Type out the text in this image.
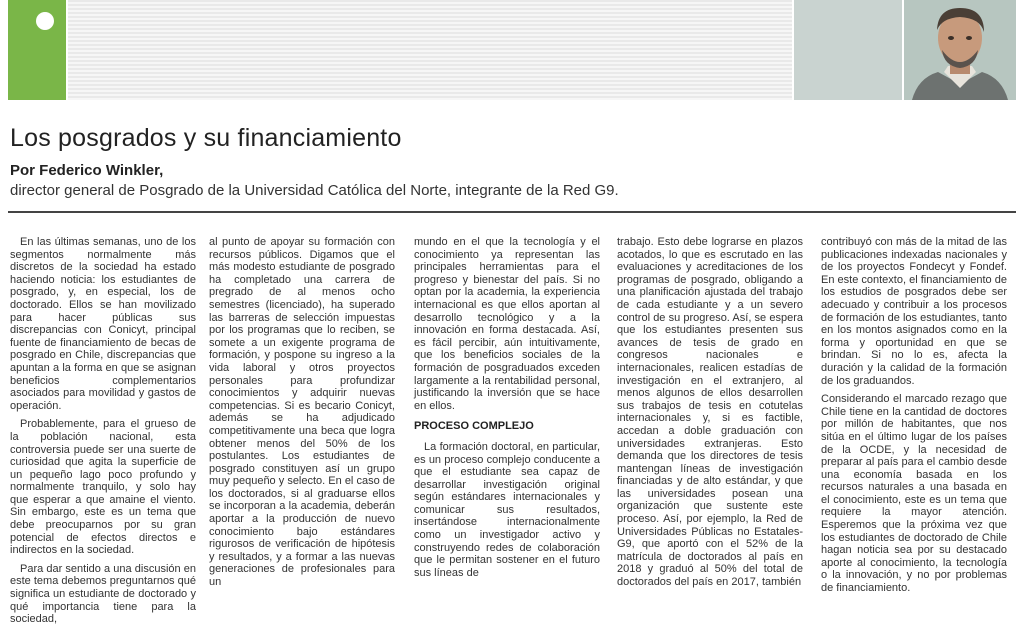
Los posgrados y su financiamiento
Por Federico Winkler,
director general de Posgrado de la Universidad Católica del Norte, integrante de la Red G9.

En las últimas semanas, uno de los segmentos normalmente más discretos de la sociedad ha estado haciendo noticia: los estudiantes de posgrado, y, en especial, los de doctorado. Ellos se han movilizado para hacer públicas sus discrepancias con Conicyt, principal fuente de financiamiento de becas de posgrado en Chile, discrepancias que apuntan a la forma en que se asignan beneficios complementarios asociados para movilidad y gastos de operación.

Probablemente, para el grueso de la población nacional, esta controversia puede ser una suerte de curiosidad que agita la superficie de un pequeño lago poco profundo y normalmente tranquilo, y solo hay que esperar a que amaine el viento. Sin embargo, este es un tema que debe preocuparnos por su gran potencial de efectos directos e indirectos en la sociedad.

Para dar sentido a una discusión en este tema debemos preguntarnos qué significa un estudiante de doctorado y qué importancia tiene para la sociedad,

al punto de apoyar su formación con recursos públicos. Digamos que el más modesto estudiante de posgrado ha completado una carrera de pregrado de al menos ocho semestres (licenciado), ha superado las barreras de selección impuestas por los programas que lo reciben, se somete a un exigente programa de formación, y pospone su ingreso a la vida laboral y otros proyectos personales para profundizar conocimientos y adquirir nuevas competencias. Si es becario Conicyt, además se ha adjudicado competitivamente una beca que logra obtener menos del 50% de los postulantes. Los estudiantes de posgrado constituyen así un grupo muy pequeño y selecto. En el caso de los doctorados, si al graduarse ellos se incorporan a la academia, deberán aportar a la producción de nuevo conocimiento bajo estándares rigurosos de verificación de hipótesis y resultados, y a formar a las nuevas generaciones de profesionales para un

mundo en el que la tecnología y el conocimiento ya representan las principales herramientas para el progreso y bienestar del país. Si no optan por la academia, la experiencia internacional es que ellos aportan al desarrollo tecnológico y a la innovación en forma destacada. Así, es fácil percibir, aún intuitivamente, que los beneficios sociales de la formación de posgraduados exceden largamente a la rentabilidad personal, justificando la inversión que se hace en ellos.

PROCESO COMPLEJO

La formación doctoral, en particular, es un proceso complejo conducente a que el estudiante sea capaz de desarrollar investigación original según estándares internacionales y comunicar sus resultados, insertándose internacionalmente como un investigador activo y construyendo redes de colaboración que le permitan sostener en el futuro sus líneas de

trabajo. Esto debe lograrse en plazos acotados, lo que es escrutado en las evaluaciones y acreditaciones de los programas de posgrado, obligando a una planificación ajustada del trabajo de cada estudiante y a un severo control de su progreso. Así, se espera que los estudiantes presenten sus avances de tesis de grado en congresos nacionales e internacionales, realicen estadías de investigación en el extranjero, al menos algunos de ellos desarrollen sus trabajos de tesis en cotutelas internacionales y, si es factible, accedan a doble graduación con universidades extranjeras. Esto demanda que los directores de tesis mantengan líneas de investigación financiadas y de alto estándar, y que las universidades posean una organización que sustente este proceso. Así, por ejemplo, la Red de Universidades Públicas no Estatales-G9, que aportó con el 52% de la matrícula de doctorados al país en 2018 y graduó al 50% del total de doctorados del país en 2017, también

contribuyó con más de la mitad de las publicaciones indexadas nacionales y de los proyectos Fondecyt y Fondef. En este contexto, el financiamiento de los estudios de posgrados debe ser adecuado y contribuir a los procesos de formación de los estudiantes, tanto en los montos asignados como en la forma y oportunidad en que se brindan. Si no lo es, afecta la duración y la calidad de la formación de los graduandos.

Considerando el marcado rezago que Chile tiene en la cantidad de doctores por millón de habitantes, que nos sitúa en el último lugar de los países de la OCDE, y la necesidad de preparar al país para el cambio desde una economía basada en los recursos naturales a una basada en el conocimiento, este es un tema que requiere la mayor atención. Esperemos que la próxima vez que los estudiantes de doctorado de Chile hagan noticia sea por su destacado aporte al conocimiento, la tecnología o la innovación, y no por problemas de financiamiento.
